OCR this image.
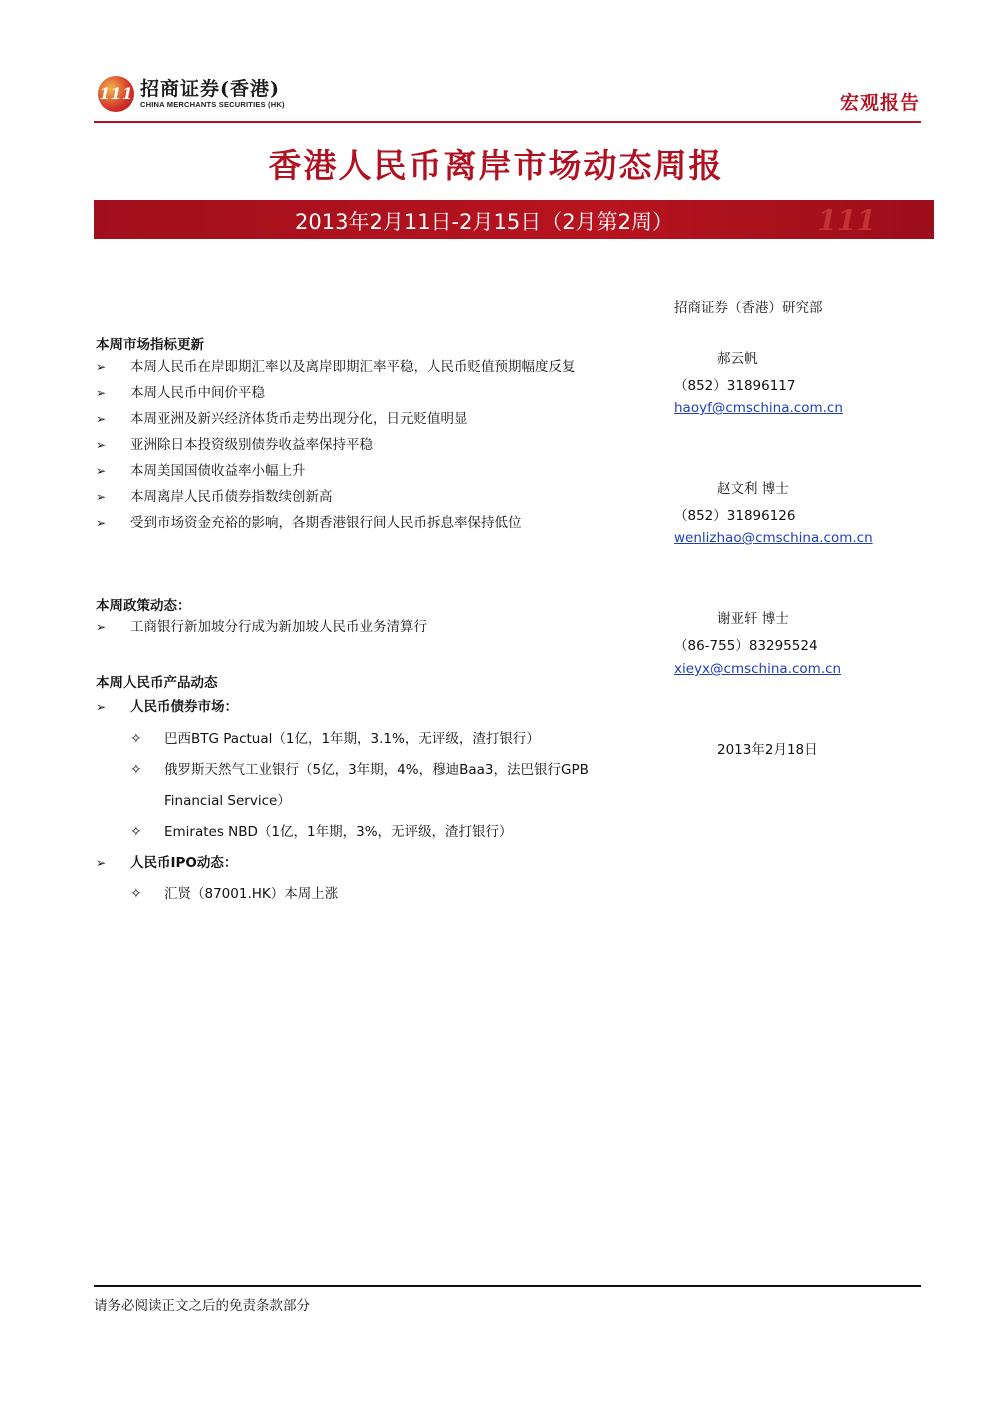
111 招商证券(香港)
CHINA MERCHANTS SECURITIES (HK)	宏观报告
香港人民币离岸市场动态周报
2013年2月11日-2月15日（2月第2周）	111
本周市场指标更新
➢	本周人民币在岸即期汇率以及离岸即期汇率平稳，人民币贬值预期幅度反复
➢	本周人民币中间价平稳
➢	本周亚洲及新兴经济体货币走势出现分化，日元贬值明显
➢	亚洲除日本投资级别债券收益率保持平稳
➢	本周美国国债收益率小幅上升
➢	本周离岸人民币债券指数续创新高
➢	受到市场资金充裕的影响，各期香港银行间人民币拆息率保持低位
本周政策动态：
➢	工商银行新加坡分行成为新加坡人民币业务清算行
本周人民币产品动态
➢	人民币债券市场：
✧	巴西BTG Pactual（1亿，1年期，3.1%，无评级，渣打银行）
✧	俄罗斯天然气工业银行（5亿，3年期，4%，穆迪Baa3，法巴银行GPB Financial Service）
✧	Emirates NBD（1亿，1年期，3%，无评级，渣打银行）
➢	人民币IPO动态：
✧	汇贤（87001.HK）本周上涨
招商证券（香港）研究部
郝云帆
（852）31896117
haoyf@cmschina.com.cn
赵文利 博士
（852）31896126
wenlizhao@cmschina.com.cn
谢亚轩 博士
（86-755）83295524
xieyx@cmschina.com.cn
2013年2月18日
请务必阅读正文之后的免责条款部分
